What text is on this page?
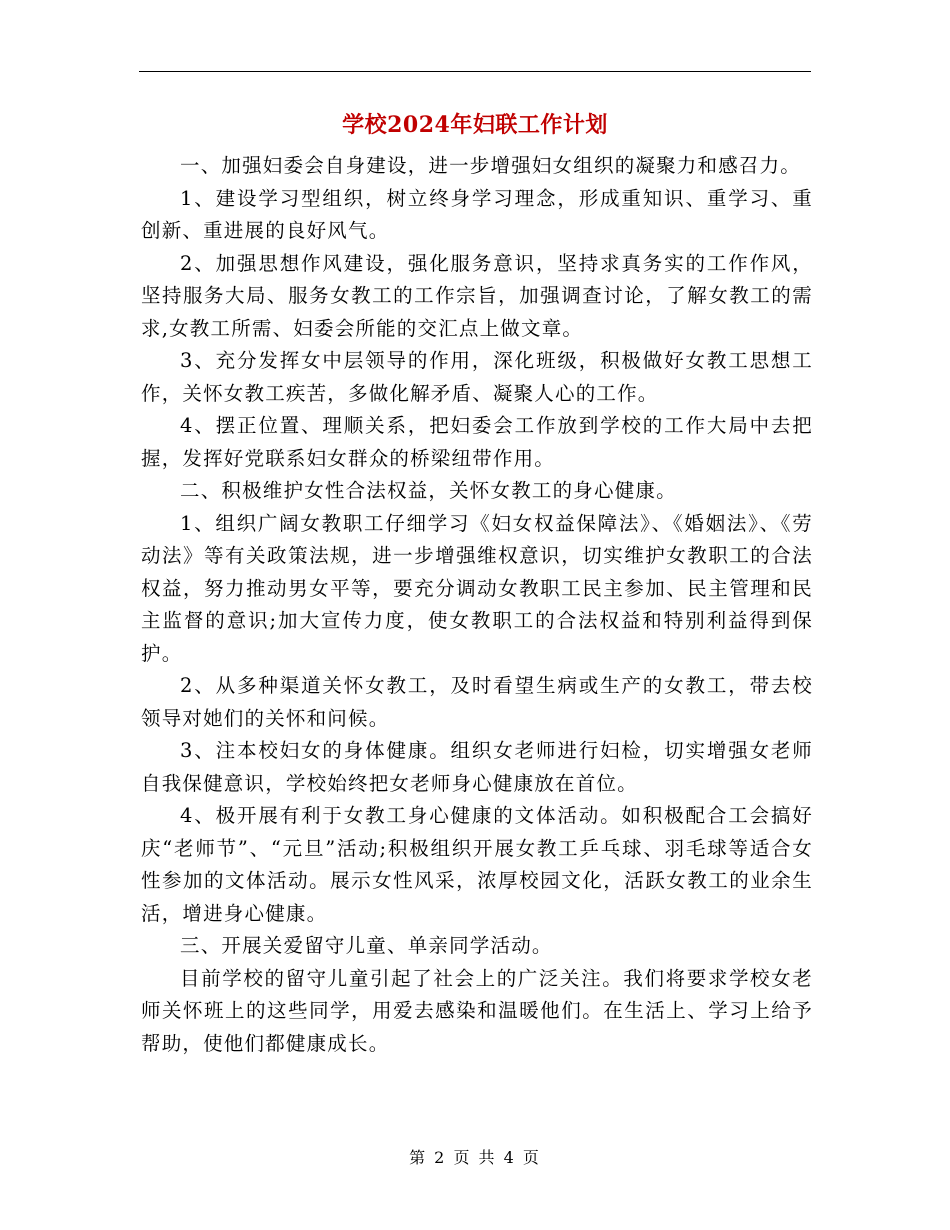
学校2024年妇联工作计划

一、加强妇委会自身建设，进一步增强妇女组织的凝聚力和感召力。

1、建设学习型组织，树立终身学习理念，形成重知识、重学习、重创新、重进展的良好风气。

2、加强思想作风建设，强化服务意识，坚持求真务实的工作作风，坚持服务大局、服务女教工的工作宗旨，加强调查讨论，了解女教工的需求,女教工所需、妇委会所能的交汇点上做文章。

3、充分发挥女中层领导的作用，深化班级，积极做好女教工思想工作，关怀女教工疾苦，多做化解矛盾、凝聚人心的工作。

4、摆正位置、理顺关系，把妇委会工作放到学校的工作大局中去把握，发挥好党联系妇女群众的桥梁纽带作用。

二、积极维护女性合法权益，关怀女教工的身心健康。

1、组织广阔女教职工仔细学习《妇女权益保障法》、《婚姻法》、《劳动法》等有关政策法规，进一步增强维权意识，切实维护女教职工的合法权益，努力推动男女平等，要充分调动女教职工民主参加、民主管理和民主监督的意识;加大宣传力度，使女教职工的合法权益和特别利益得到保护。

2、从多种渠道关怀女教工，及时看望生病或生产的女教工，带去校领导对她们的关怀和问候。

3、注本校妇女的身体健康。组织女老师进行妇检，切实增强女老师自我保健意识，学校始终把女老师身心健康放在首位。

4、极开展有利于女教工身心健康的文体活动。如积极配合工会搞好庆“老师节”、“元旦”活动;积极组织开展女教工乒乓球、羽毛球等适合女性参加的文体活动。展示女性风采，浓厚校园文化，活跃女教工的业余生活，增进身心健康。

三、开展关爱留守儿童、单亲同学活动。

目前学校的留守儿童引起了社会上的广泛关注。我们将要求学校女老师关怀班上的这些同学，用爱去感染和温暖他们。在生活上、学习上给予帮助，使他们都健康成长。

第 2 页 共 4 页
